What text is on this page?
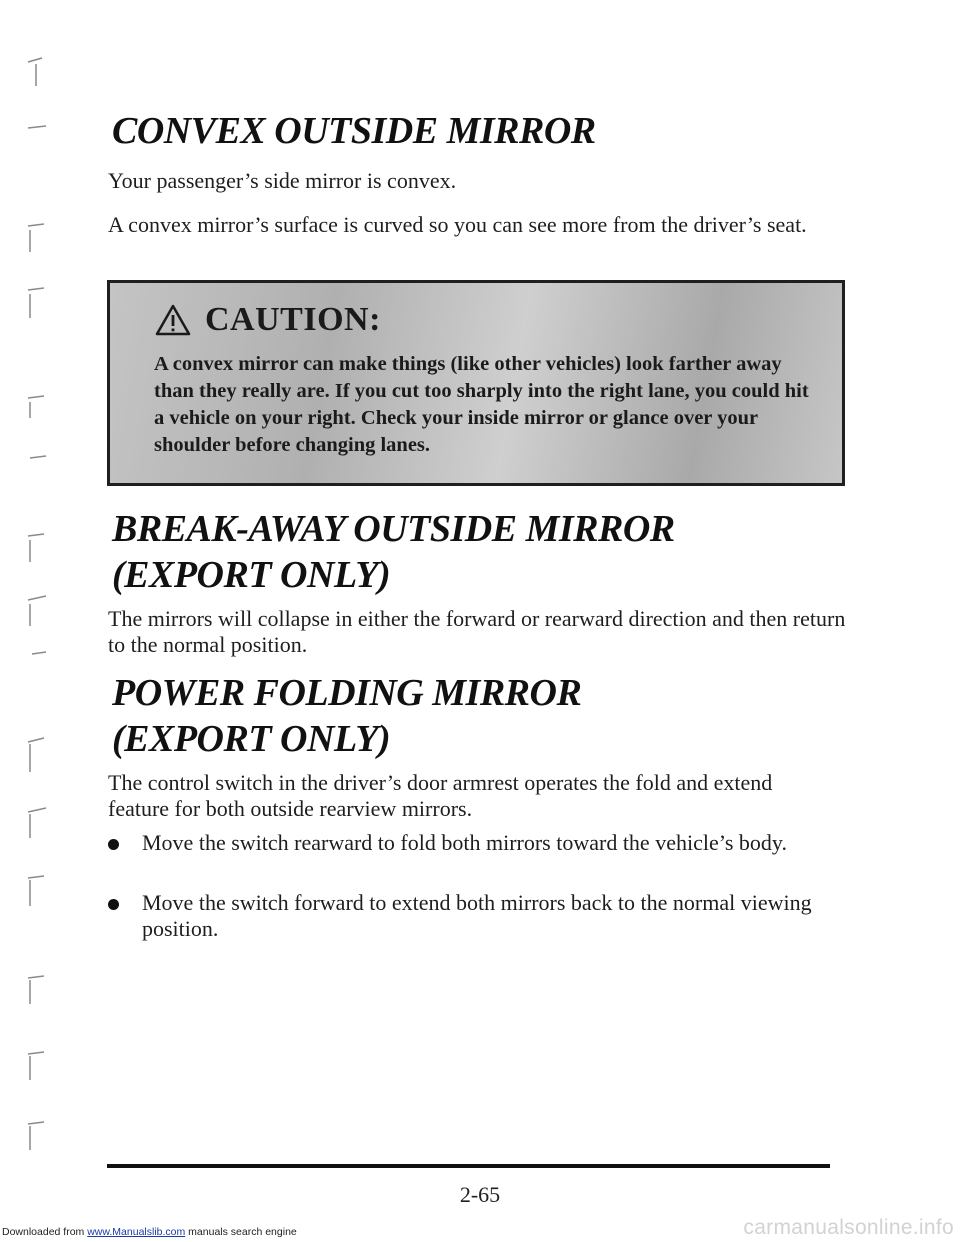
CONVEX OUTSIDE MIRROR

Your passenger’s side mirror is convex.

A convex mirror’s surface is curved so you can see more from the driver’s seat.

CAUTION:
A convex mirror can make things (like other vehicles) look farther away than they really are. If you cut too sharply into the right lane, you could hit a vehicle on your right. Check your inside mirror or glance over your shoulder before changing lanes.
BREAK-AWAY OUTSIDE MIRROR
(EXPORT ONLY)

The mirrors will collapse in either the forward or rearward direction and then return to the normal position.

POWER FOLDING MIRROR
(EXPORT ONLY)

The control switch in the driver’s door armrest operates the fold and extend feature for both outside rearview mirrors.

Move the switch rearward to fold both mirrors toward the vehicle’s body.

Move the switch forward to extend both mirrors back to the normal viewing position.

2-65
Downloaded from www.Manualslib.com manuals search engine	carmanualsonline.info
